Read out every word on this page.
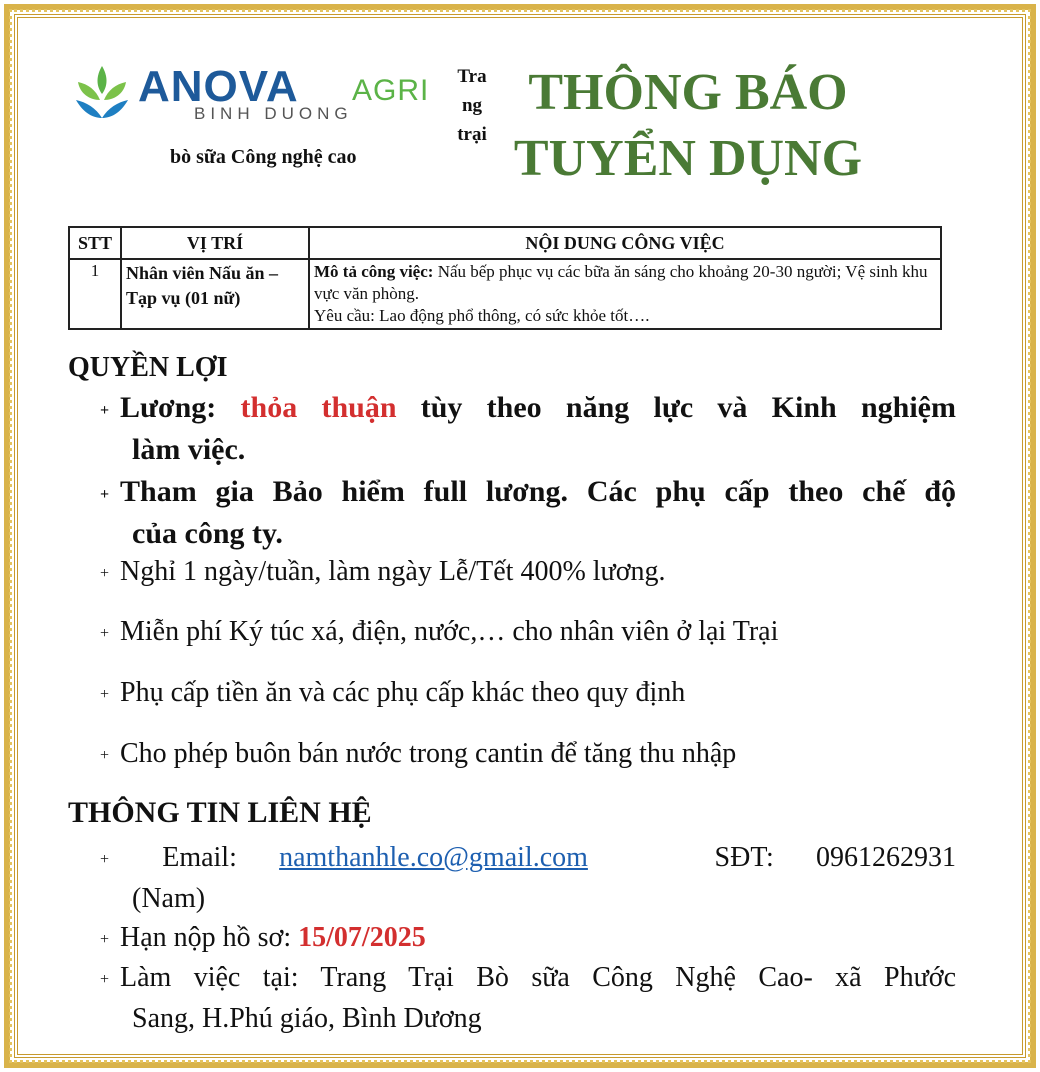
ANOVA AGRI
BINH DUONG
bò sữa Công nghệ cao
Tra
ng
trại
THÔNG BÁO
TUYỂN DỤNG
STT	VỊ TRÍ	NỘI DUNG CÔNG VIỆC
1	Nhân viên Nấu ăn – Tạp vụ (01 nữ)	Mô tả công việc: Nấu bếp phục vụ các bữa ăn sáng cho khoảng 20-30 người; Vệ sinh khu vực văn phòng.
Yêu cầu: Lao động phổ thông, có sức khỏe tốt….
QUYỀN LỢI
+ Lương: thỏa thuận tùy theo năng lực và Kinh nghiệm
làm việc.
+ Tham gia Bảo hiểm full lương. Các phụ cấp theo chế độ
của công ty.
+ Nghỉ 1 ngày/tuần, làm ngày Lễ/Tết 400% lương.
+ Miễn phí Ký túc xá, điện, nước,… cho nhân viên ở lại Trại
+ Phụ cấp tiền ăn và các phụ cấp khác theo quy định
+ Cho phép buôn bán nước trong cantin để tăng thu nhập
THÔNG TIN LIÊN HỆ
+ Email: namthanhle.co@gmail.com	SĐT: 0961262931
(Nam)
+ Hạn nộp hồ sơ: 15/07/2025
+ Làm việc tại: Trang Trại Bò sữa Công Nghệ Cao- xã Phước
Sang, H.Phú giáo, Bình Dương
